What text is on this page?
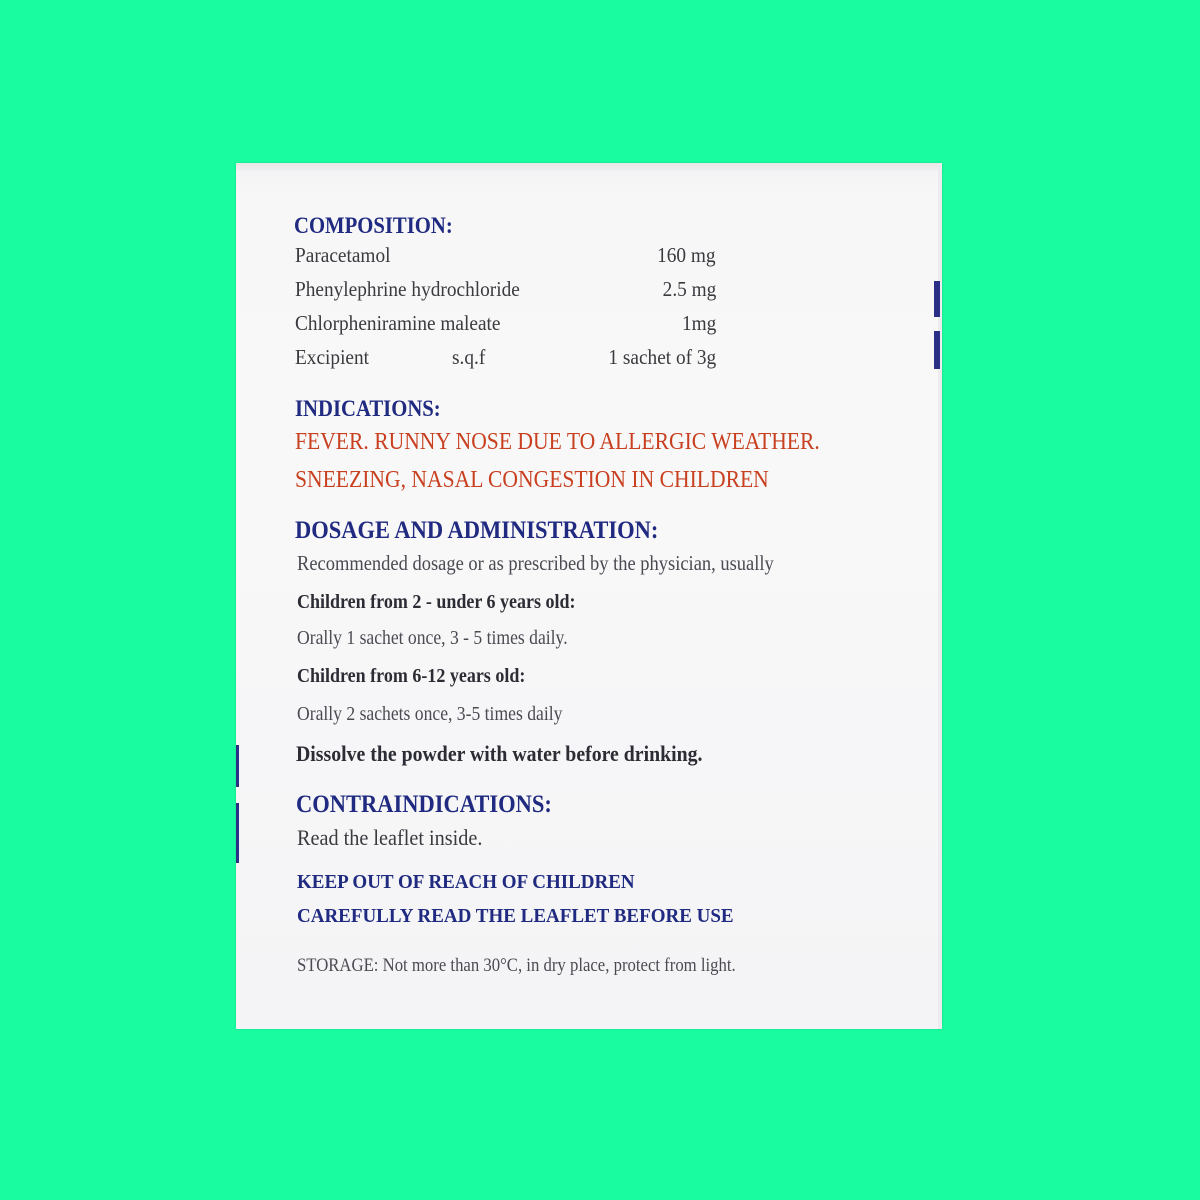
COMPOSITION:
Paracetamol	160 mg
Phenylephrine hydrochloride	2.5 mg
Chlorpheniramine maleate	1mg
Excipient	s.q.f	1 sachet of 3g
INDICATIONS:
FEVER. RUNNY NOSE DUE TO ALLERGIC WEATHER.
SNEEZING, NASAL CONGESTION IN CHILDREN
DOSAGE AND ADMINISTRATION:
Recommended dosage or as prescribed by the physician, usually
Children from 2 - under 6 years old:
Orally 1 sachet once, 3 - 5 times daily.
Children from 6-12 years old:
Orally 2 sachets once, 3-5 times daily
Dissolve the powder with water before drinking.
CONTRAINDICATIONS:
Read the leaflet inside.
KEEP OUT OF REACH OF CHILDREN
CAREFULLY READ THE LEAFLET BEFORE USE
STORAGE: Not more than 30°C, in dry place, protect from light.
